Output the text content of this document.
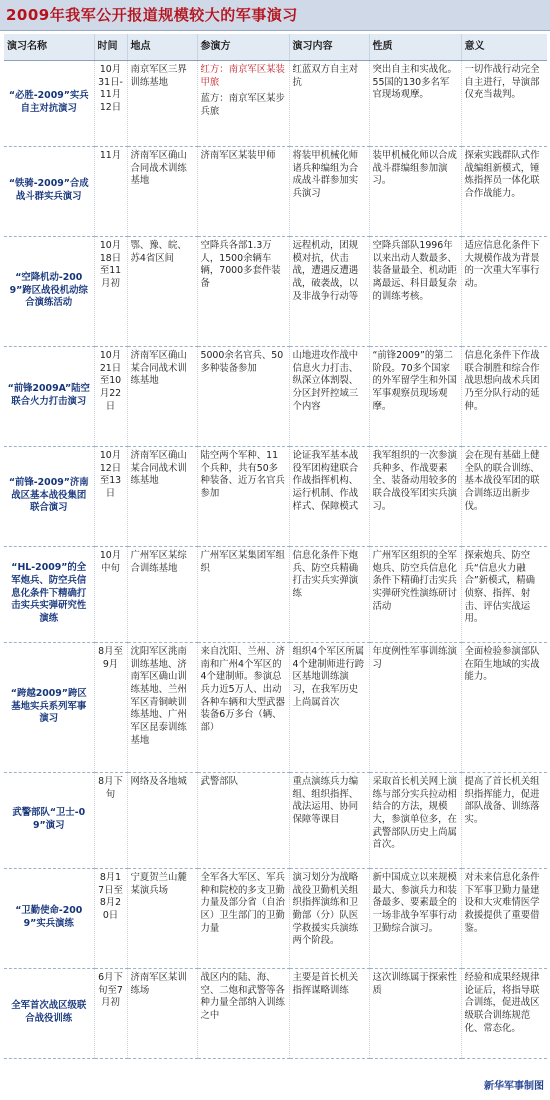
2009年我军公开报道规模较大的军事演习
演习名称	时间	地点	参演方	演习内容	性质	意义
“必胜-2009”实兵自主对抗演习	10月31日-11月12日	南京军区三界训练基地	红方：南京军区某装甲旅
蓝方：南京军区某步兵旅	红蓝双方自主对抗	突出自主和实战化。55国的130多名军官现场观摩。	一切作战行动完全自主进行，导演部仅充当裁判。
“铁骑-2009”合成战斗群实兵演习	11月	济南军区确山合同战术训练基地	济南军区某装甲师	将装甲机械化师诸兵种编组为合成战斗群参加实兵演习	装甲机械化师以合成战斗群编组参加演习。	探索实践群队式作战编组新模式，锤炼指挥员一体化联合作战能力。
“空降机动-2009”跨区战役机动综合演练活动	10月18日至11月初	鄂、豫、皖、苏4省区间	空降兵各部1.3万人，1500余辆车辆，7000多套件装备	远程机动，团规模对抗，伏击战，遭遇反遭遇战，破袭战，以及非战争行动等	空降兵部队1996年以来出动人数最多、装备量最全、机动距离最远、科目最复杂的训练考核。	适应信息化条件下大规模作战为背景的一次重大军事行动。
“前锋2009A”陆空联合火力打击演习	10月21日至10月22日	济南军区确山某合同战术训练基地	5000余名官兵、50多种装备参加	山地进攻作战中信息火力打击、纵深立体割裂、分区封歼控域三个内容	“前锋2009”的第二阶段。70多个国家的外军留学生和外国军事观察员现场观摩。	信息化条件下作战联合制胜和综合作战思想向战术兵团乃至分队行动的延伸。
“前锋-2009”济南战区基本战役集团联合演习	10月12日至13日	济南军区确山某合同战术训练基地	陆空两个军种、11个兵种，共有50多种装备、近万名官兵参加	论证我军基本战役军团构建联合作战指挥机构、运行机制、作战样式、保障模式	我军组织的一次参演兵种多、作战要素全、装备动用较多的联合战役军团实兵演习。	会在现有基础上健全队的联合训练、基本战役军团的联合训练迈出新步伐。
“HL-2009”的全军炮兵、防空兵信息化条件下精确打击实兵实弹研究性演练	10月中旬	广州军区某综合训练基地	广州军区某集团军组织	信息化条件下炮兵、防空兵精确打击实兵实弹演练	广州军区组织的全军炮兵、防空兵信息化条件下精确打击实兵实弹研究性演练研讨活动	探索炮兵、防空兵“信息火力融合”新模式，精确侦察、指挥、射击、评估实战运用。
“跨越2009”跨区基地实兵系列军事演习	8月至9月	沈阳军区洮南训练基地、济南军区确山训练基地、兰州军区青铜峡训练基地、广州军区昆泰训练基地	来自沈阳、兰州、济南和广州4个军区的4个建制师。参演总兵力近5万人、出动各种车辆和大型武器装备6万多台（辆、部）	组织4个军区所属4个建制师进行跨区基地训练演习，在我军历史上尚属首次	年度例性军事训练演习	全面检验参演部队在陌生地域的实战能力。
武警部队“卫士-09”演习	8月下旬	网络及各地城	武警部队	重点演练兵力编组、组织指挥、战法运用、协同保障等课目	采取首长机关网上演练与部分实兵拉动相结合的方法，规模大，参演单位多，在武警部队历史上尚属首次。	提高了首长机关组织指挥能力，促进部队战备、训练落实。
“卫勤使命-2009”实兵演练	8月17日至8月20日	宁夏贺兰山麓某演兵场	全军各大军区、军兵种和院校的多支卫勤力量及部分省（自治区）卫生部门的卫勤力量	演习划分为战略战役卫勤机关组织指挥演练和卫勤部（分）队医学救援实兵演练两个阶段。	新中国成立以来规模最大、参演兵力和装备最多、要素最全的一场非战争军事行动卫勤综合演习。	对未来信息化条件下军事卫勤力量建设和大灾难情医学救援提供了重要借鉴。
全军首次战区级联合战役训练	6月下旬至7月初	济南军区某训练场	战区内的陆、海、空、二炮和武警等各种力量全部纳入训练之中	主要是首长机关指挥谋略训练	这次训练属于探索性质	经验和成果经规律论证后，将指导联合训练，促进战区级联合训练规范化、常态化。
新华军事制图
